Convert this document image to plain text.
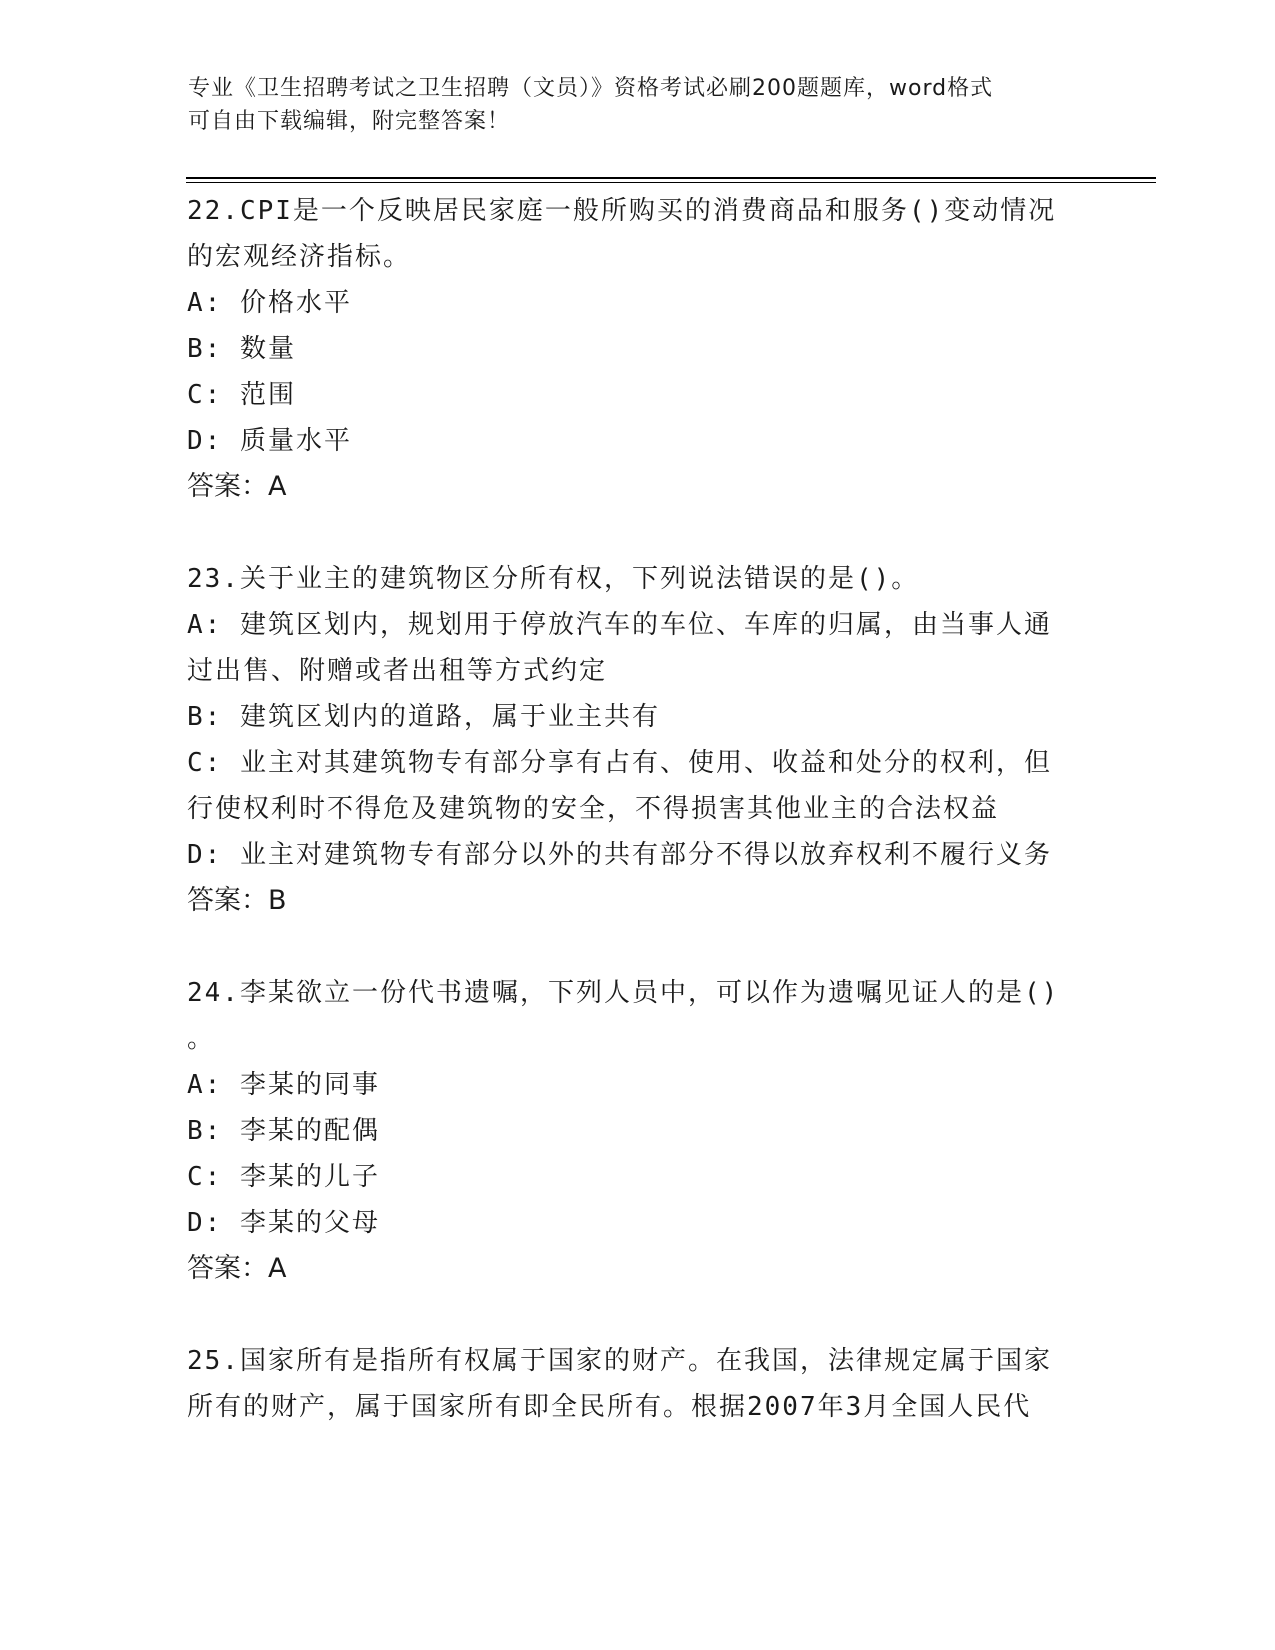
专业《卫生招聘考试之卫生招聘（文员）》资格考试必刷200题题库，word格式
可自由下载编辑，附完整答案！
22.CPI是一个反映居民家庭一般所购买的消费商品和服务()变动情况
的宏观经济指标。
A: 价格水平
B: 数量
C: 范围
D: 质量水平
答案：A
23.关于业主的建筑物区分所有权，下列说法错误的是()。
A: 建筑区划内，规划用于停放汽车的车位、车库的归属，由当事人通
过出售、附赠或者出租等方式约定
B: 建筑区划内的道路，属于业主共有
C: 业主对其建筑物专有部分享有占有、使用、收益和处分的权利，但
行使权利时不得危及建筑物的安全，不得损害其他业主的合法权益
D: 业主对建筑物专有部分以外的共有部分不得以放弃权利不履行义务
答案：B
24.李某欲立一份代书遗嘱，下列人员中，可以作为遗嘱见证人的是()
。
A: 李某的同事
B: 李某的配偶
C: 李某的儿子
D: 李某的父母
答案：A
25.国家所有是指所有权属于国家的财产。在我国，法律规定属于国家
所有的财产，属于国家所有即全民所有。根据2007年3月全国人民代
